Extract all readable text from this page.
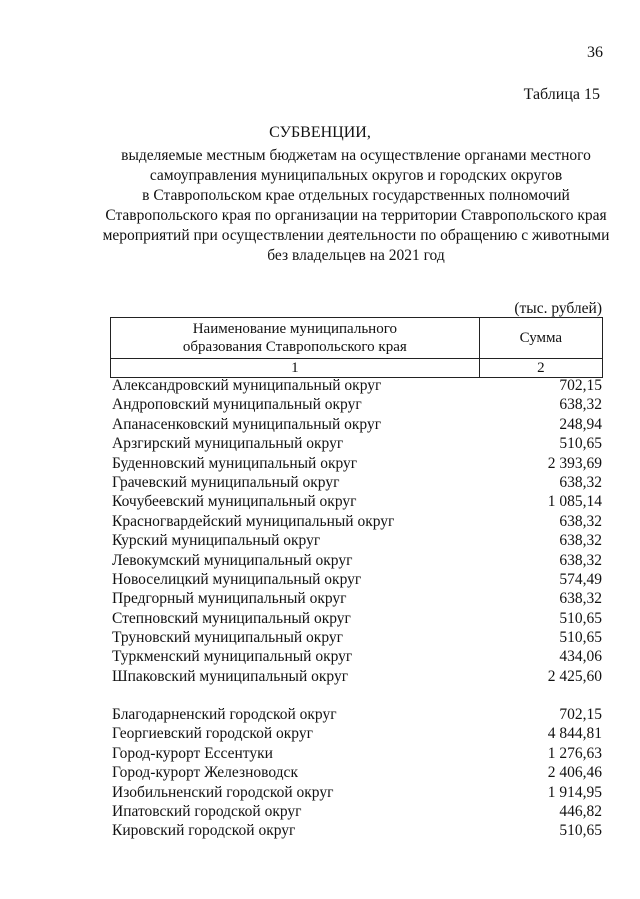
36
Таблица 15
СУБВЕНЦИИ,
выделяемые местным бюджетам на осуществление органами местного
самоуправления муниципальных округов и городских округов
в Ставропольском крае отдельных государственных полномочий
Ставропольского края по организации на территории Ставропольского края
мероприятий при осуществлении деятельности по обращению с животными
без владельцев на 2021 год
(тыс. рублей)
Наименование муниципального
образования Ставропольского края	Сумма
1	2
Александровский муниципальный округ	702,15
Андроповский муниципальный округ	638,32
Апанасенковский муниципальный округ	248,94
Арзгирский муниципальный округ	510,65
Буденновский муниципальный округ	2 393,69
Грачевский муниципальный округ	638,32
Кочубеевский муниципальный округ	1 085,14
Красногвардейский муниципальный округ	638,32
Курский муниципальный округ	638,32
Левокумский муниципальный округ	638,32
Новоселицкий муниципальный округ	574,49
Предгорный муниципальный округ	638,32
Степновский муниципальный округ	510,65
Труновский муниципальный округ	510,65
Туркменский муниципальный округ	434,06
Шпаковский муниципальный округ	2 425,60
Благодарненский городской округ	702,15
Георгиевский городской округ	4 844,81
Город-курорт Ессентуки	1 276,63
Город-курорт Железноводск	2 406,46
Изобильненский городской округ	1 914,95
Ипатовский городской округ	446,82
Кировский городской округ	510,65
